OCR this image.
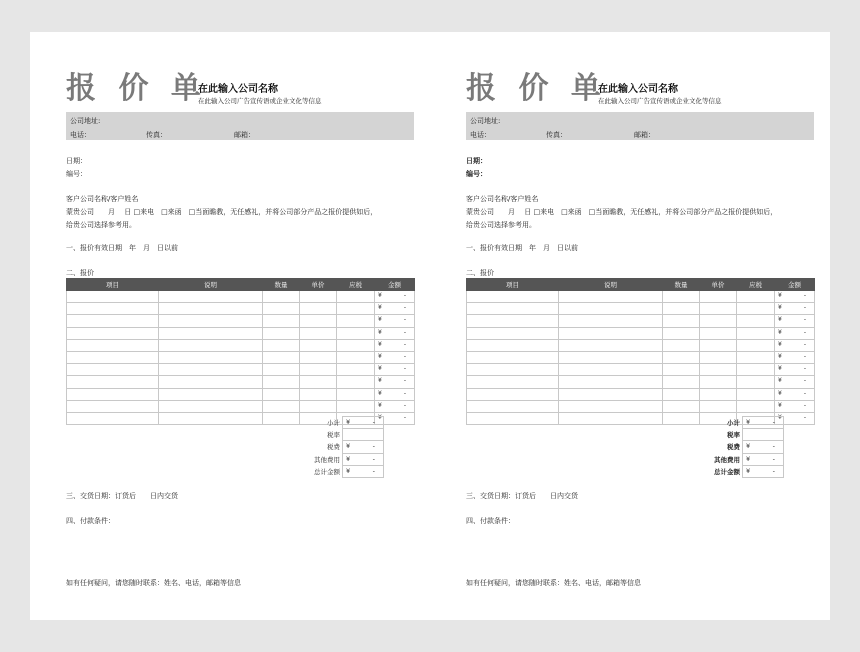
报 价 单
在此输入公司名称
在此输入公司广告宣传语或企业文化等信息
公司地址:
电话：	传真：	邮箱：
日期：
编号：
客户公司名称/客户姓名
蒙贵公司　　月　 日 □来电　□来函　□当面瞻教，无任感礼，并将公司部分产品之报价提供如后，
给贵公司选择参考用。
一、报价有效日期　年　月　日以前
二、报价
项目	说明	数量	单价	应税	金额

					¥ -

					¥ -

					¥ -

					¥ -

					¥ -

					¥ -

					¥ -

					¥ -

					¥ -

					¥ -

					¥ -
小计	¥ -

税率	

税费	¥ -

其他费用	¥ -

总计金额	¥ -
三、交货日期：订货后　　日内交货
四、付款条件：
如有任何疑问，请您随时联系：姓名、电话，邮箱等信息
报 价 单
在此输入公司名称
在此输入公司广告宣传语或企业文化等信息
公司地址:
电话：	传真：	邮箱：
日期：
编号：
客户公司名称/客户姓名
蒙贵公司　　月　 日 □来电　□来函　□当面瞻教，无任感礼，并将公司部分产品之报价提供如后，
给贵公司选择参考用。
一、报价有效日期　年　月　日以前
二、报价
项目	说明	数量	单价	应税	金额

					¥ -

					¥ -

					¥ -

					¥ -

					¥ -

					¥ -

					¥ -

					¥ -

					¥ -

					¥ -

					¥ -
小计	¥ -

税率	

税费	¥ -

其他费用	¥ -

总计金额	¥ -
三、交货日期：订货后　　日内交货
四、付款条件：
如有任何疑问，请您随时联系：姓名、电话，邮箱等信息
